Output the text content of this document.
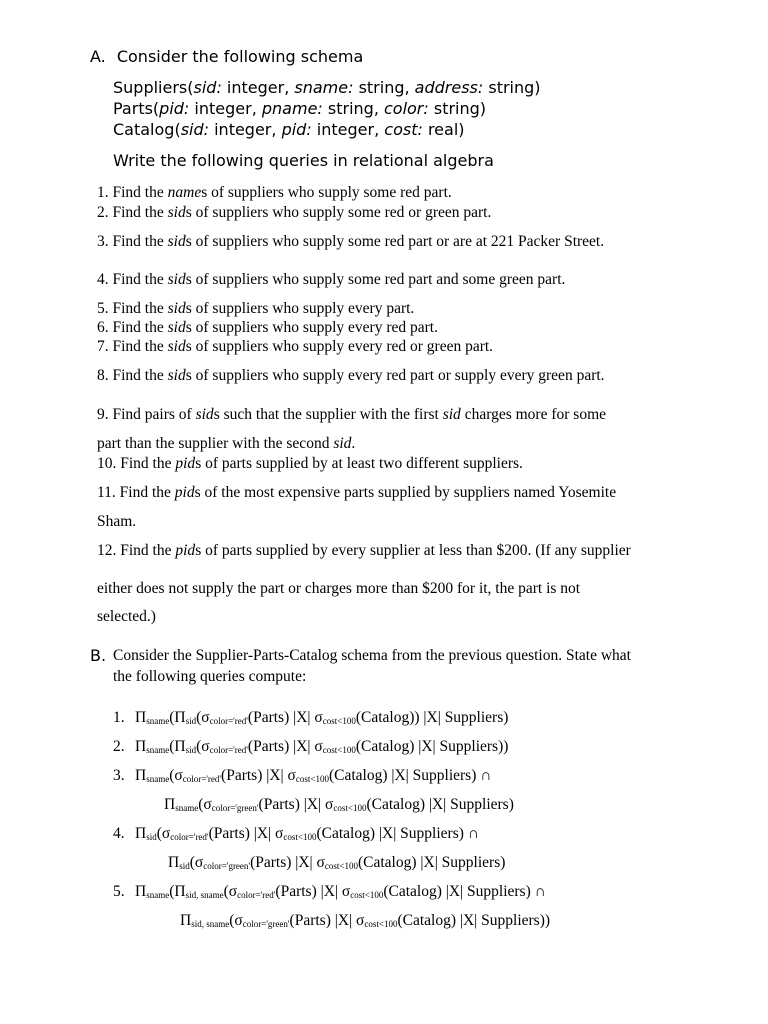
A. Consider the following schema
Suppliers(sid: integer, sname: string, address: string)
Parts(pid: integer, pname: string, color: string)
Catalog(sid: integer, pid: integer, cost: real)
Write the following queries in relational algebra
1. Find the names of suppliers who supply some red part.
2. Find the sids of suppliers who supply some red or green part.
3. Find the sids of suppliers who supply some red part or are at 221 Packer Street.
4. Find the sids of suppliers who supply some red part and some green part.
5. Find the sids of suppliers who supply every part.
6. Find the sids of suppliers who supply every red part.
7. Find the sids of suppliers who supply every red or green part.
8. Find the sids of suppliers who supply every red part or supply every green part.
9. Find pairs of sids such that the supplier with the first sid charges more for some
part than the supplier with the second sid.
10. Find the pids of parts supplied by at least two different suppliers.
11. Find the pids of the most expensive parts supplied by suppliers named Yosemite
Sham.
12. Find the pids of parts supplied by every supplier at less than $200. (If any supplier
either does not supply the part or charges more than $200 for it, the part is not
selected.)
B. Consider the Supplier-Parts-Catalog schema from the previous question. State what
the following queries compute:
1. $\Pi_{sname}(\Pi_{sid}(\sigma_{color='red'}(Parts)$ |X| $\sigma_{cost<100}(Catalog)$) |X| Suppliers)
2. $\Pi_{sname}(\Pi_{sid}(\sigma_{color='red'}(Parts)$ |X| $\sigma_{cost<100}(Catalog)$ |X| Suppliers))
3. $\Pi_{sname}(\sigma_{color='red'}(Parts)$ |X| $\sigma_{cost<100}(Catalog)$ |X| Suppliers) ∩
$\Pi_{sname}(\sigma_{color='green'}(Parts)$ |X| $\sigma_{cost<100}(Catalog)$ |X| Suppliers)
4. $\Pi_{sid}(\sigma_{color='red'}(Parts)$ |X| $\sigma_{cost<100}(Catalog)$ |X| Suppliers) ∩
$\Pi_{sid}(\sigma_{color='green'}(Parts)$ |X| $\sigma_{cost<100}(Catalog)$ |X| Suppliers)
5. $\Pi_{sname}(\Pi_{sid, sname}(\sigma_{color='red'}(Parts)$ |X| $\sigma_{cost<100}(Catalog)$ |X| Suppliers) ∩
$\Pi_{sid, sname}(\sigma_{color='green'}(Parts)$ |X| $\sigma_{cost<100}(Catalog)$ |X| Suppliers))
